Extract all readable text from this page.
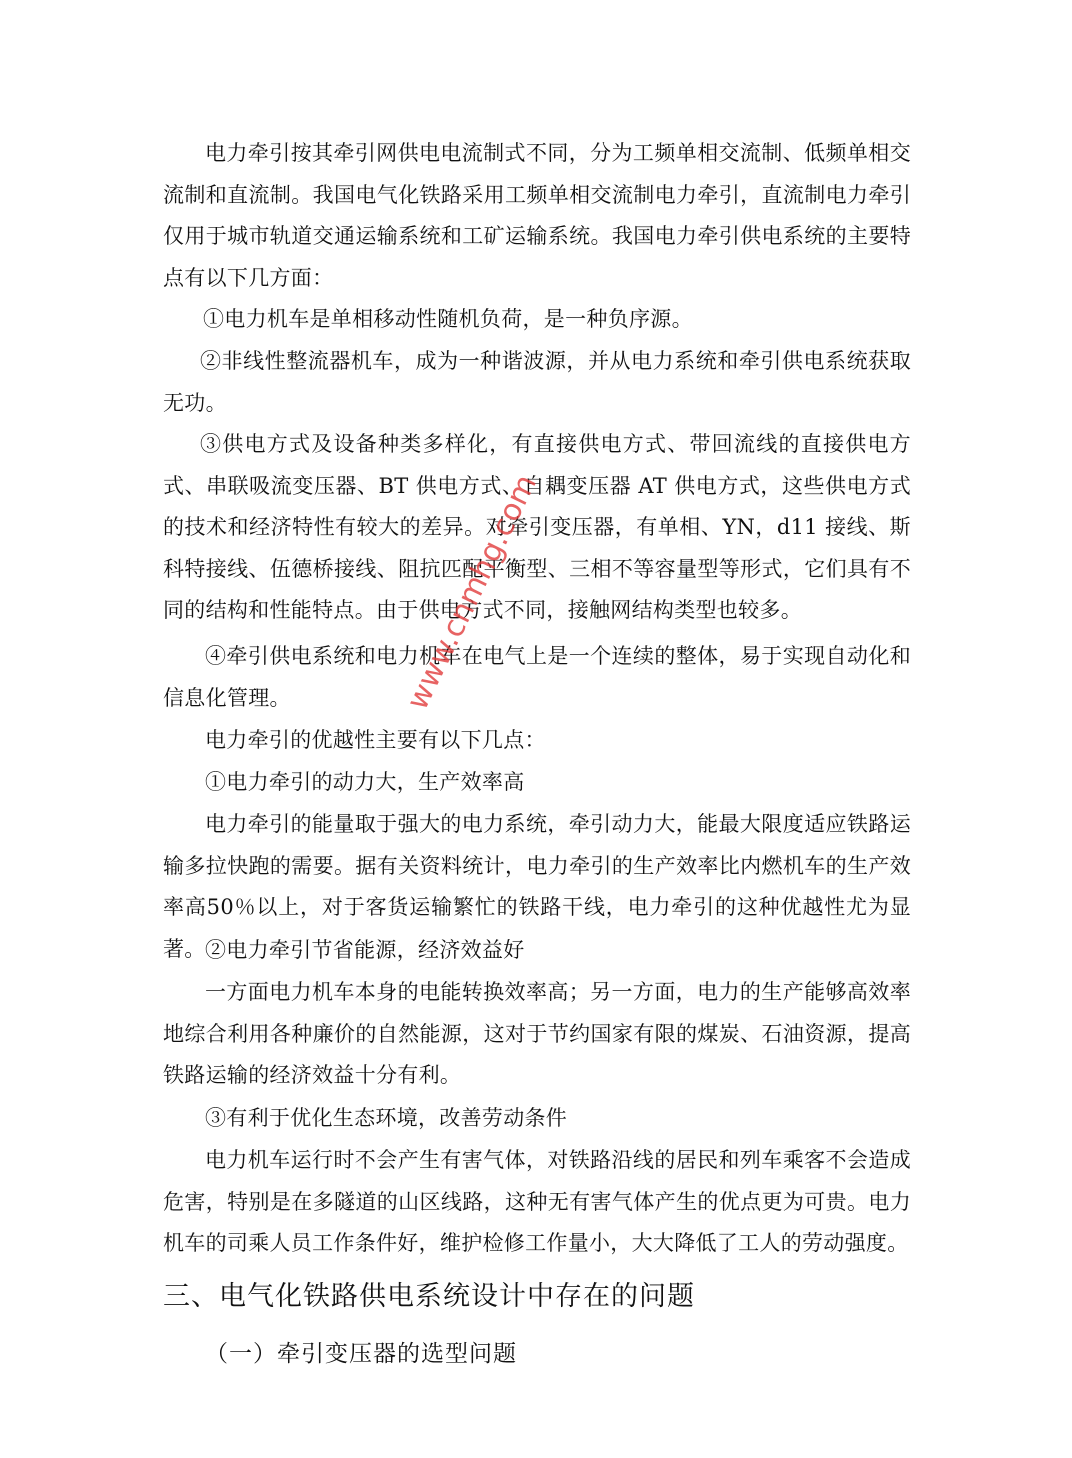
电力牵引按其牵引网供电电流制式不同，分为工频单相交流制、低频单相交流制和直流制。我国电气化铁路采用工频单相交流制电力牵引，直流制电力牵引仅用于城市轨道交通运输系统和工矿运输系统。我国电力牵引供电系统的主要特点有以下几方面：

①电力机车是单相移动性随机负荷，是一种负序源。

②非线性整流器机车，成为一种谐波源，并从电力系统和牵引供电系统获取无功。

③供电方式及设备种类多样化，有直接供电方式、带回流线的直接供电方式、串联吸流变压器、BT 供电方式、自耦变压器 AT 供电方式，这些供电方式的技术和经济特性有较大的差异。对牵引变压器，有单相、YN，d11 接线、斯科特接线、伍德桥接线、阻抗匹配平衡型、三相不等容量型等形式，它们具有不同的结构和性能特点。由于供电方式不同，接触网结构类型也较多。

④牵引供电系统和电力机车在电气上是一个连续的整体，易于实现自动化和信息化管理。

电力牵引的优越性主要有以下几点：

①电力牵引的动力大，生产效率高

电力牵引的能量取于强大的电力系统，牵引动力大，能最大限度适应铁路运输多拉快跑的需要。据有关资料统计，电力牵引的生产效率比内燃机车的生产效率高50％以上，对于客货运输繁忙的铁路干线，电力牵引的这种优越性尤为显著。 ②电力牵引节省能源，经济效益好

一方面电力机车本身的电能转换效率高；另一方面，电力的生产能够高效率地综合利用各种廉价的自然能源，这对于节约国家有限的煤炭、石油资源，提高铁路运输的经济效益十分有利。

③有利于优化生态环境，改善劳动条件

电力机车运行时不会产生有害气体，对铁路沿线的居民和列车乘客不会造成危害，特别是在多隧道的山区线路，这种无有害气体产生的优点更为可贵。电力机车的司乘人员工作条件好，维护检修工作量小，大大降低了工人的劳动强度。

三、电气化铁路供电系统设计中存在的问题
（一）牵引变压器的选型问题
www.cnmhg.com
